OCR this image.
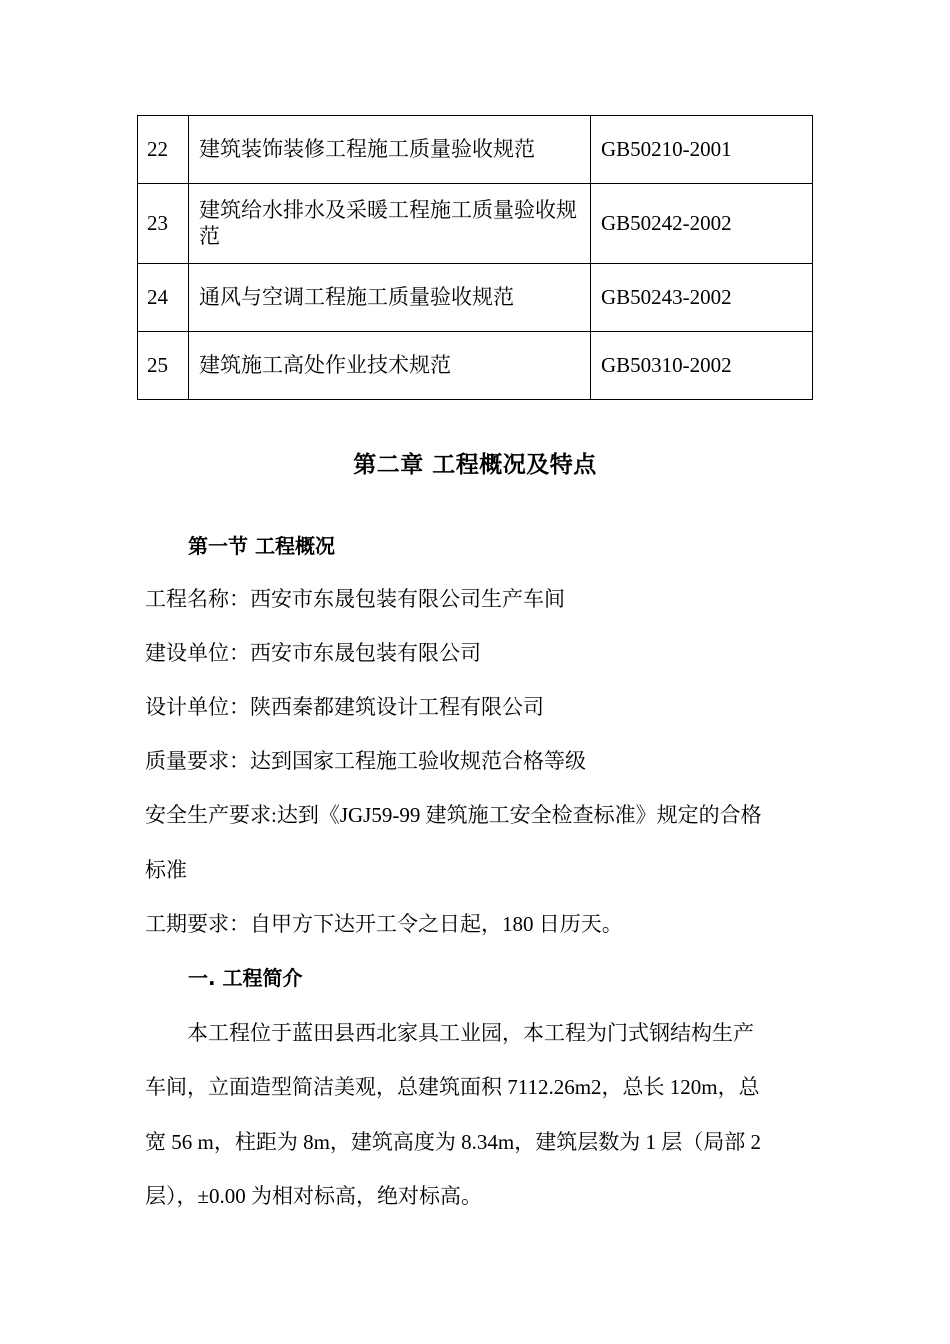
22	建筑装饰装修工程施工质量验收规范	GB50210-2001
23	建筑给水排水及采暖工程施工质量验收规范	GB50242-2002
24	通风与空调工程施工质量验收规范	GB50243-2002
25	建筑施工高处作业技术规范	GB50310-2002
第二章 工程概况及特点
第一节 工程概况
工程名称：西安市东晟包装有限公司生产车间
建设单位：西安市东晟包装有限公司
设计单位：陕西秦都建筑设计工程有限公司
质量要求：达到国家工程施工验收规范合格等级
安全生产要求:达到《JGJ59-99 建筑施工安全检查标准》规定的合格
标准
工期要求：自甲方下达开工令之日起，180 日历天。
一. 工程简介
　　本工程位于蓝田县西北家具工业园，本工程为门式钢结构生产
车间，立面造型简洁美观，总建筑面积 7112.26m2，总长 120m，总
宽 56 m，柱距为 8m，建筑高度为 8.34m，建筑层数为 1 层（局部 2
层），±0.00 为相对标高，绝对标高。
